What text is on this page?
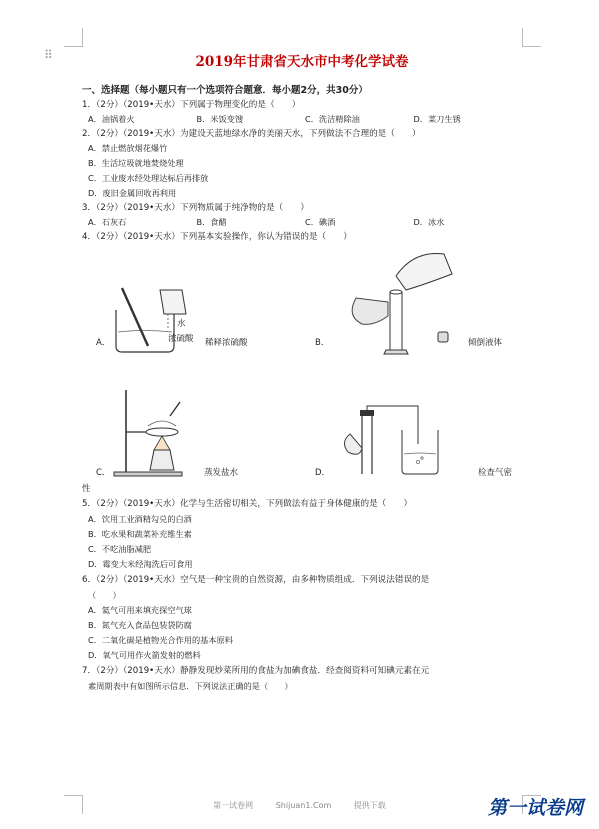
⠿	2019年甘肃省天水市中考化学试卷
一、选择题（每小题只有一个选项符合题意．每小题2分，共30分）
1．（2分）（2019•天水）下列属于物理变化的是（　　）
A．油锅着火	B．米饭变馊	C．洗洁精除油	D．菜刀生锈
2．（2分）（2019•天水）为建设天蓝地绿水净的美丽天水，下列做法不合理的是（　　）
A．禁止燃放烟花爆竹
B．生活垃圾就地焚烧处理
C．工业废水经处理达标后再排放
D．废旧金属回收再利用
3．（2分）（2019•天水）下列物质属于纯净物的是（　　）
A．石灰石	B．食醋	C．碘酒	D．冰水
4．（2分）（2019•天水）下列基本实验操作，你认为错误的是（　　）
水
浓硫酸
A．	稀释浓硫酸	B．	倾倒液体
C．	蒸发盐水	D．	检查气密
性
5．（2分）（2019•天水）化学与生活密切相关，下列做法有益于身体健康的是（　　）
A．饮用工业酒精勾兑的白酒
B．吃水果和蔬菜补充维生素
C．不吃油脂减肥
D．霉变大米经淘洗后可食用
6．（2分）（2019•天水）空气是一种宝贵的自然资源，由多种物质组成．下列说法错误的是
（　　）
A．氦气可用来填充探空气球
B．氮气充入食品包装袋防腐
C．二氧化碳是植物光合作用的基本原料
D．氧气可用作火箭发射的燃料
7．（2分）（2019•天水）静静发现炒菜所用的食盐为加碘食盐．经查阅资料可知碘元素在元
素周期表中有如图所示信息．下列说法正确的是（　　）
第一试卷网	Shijuan1.Com	提供下载	第一试卷网
